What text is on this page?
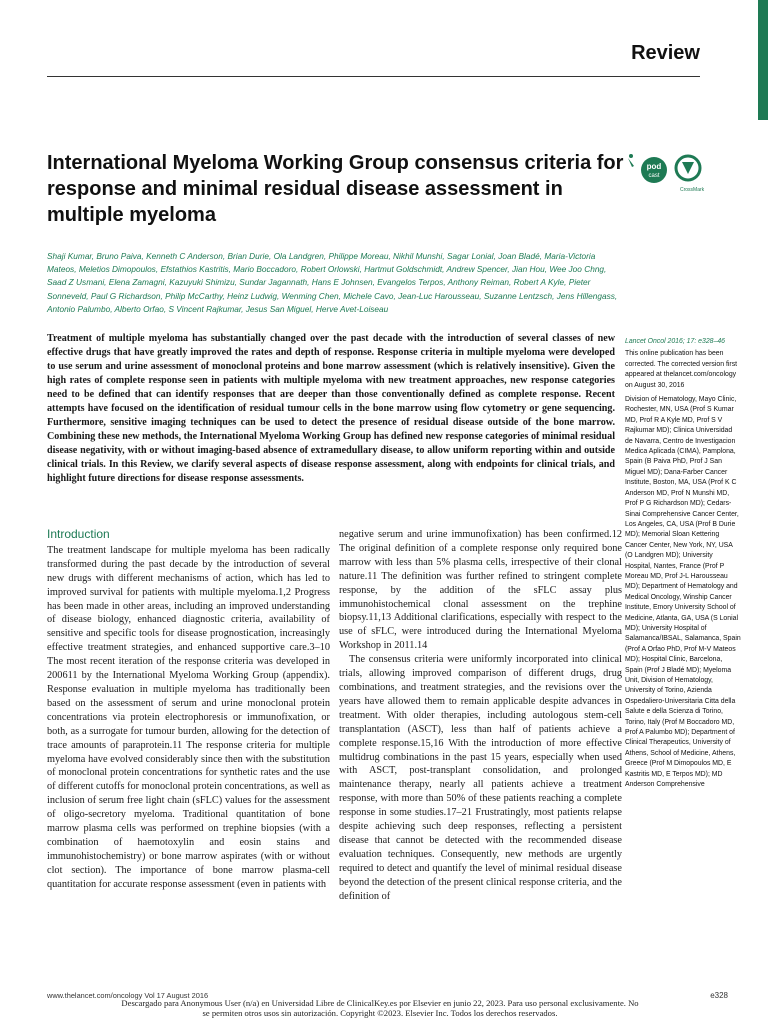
Review
International Myeloma Working Group consensus criteria for response and minimal residual disease assessment in multiple myeloma
pod
cast
CrossMark

Shaji Kumar, Bruno Paiva, Kenneth C Anderson, Brian Durie, Ola Landgren, Philippe Moreau, Nikhil Munshi, Sagar Lonial, Joan Bladé, Maria-Victoria Mateos, Meletios Dimopoulos, Efstathios Kastritis, Mario Boccadoro, Robert Orlowski, Hartmut Goldschmidt, Andrew Spencer, Jian Hou, Wee Joo Chng, Saad Z Usmani, Elena Zamagni, Kazuyuki Shimizu, Sundar Jagannath, Hans E Johnsen, Evangelos Terpos, Anthony Reiman, Robert A Kyle, Pieter Sonneveld, Paul G Richardson, Philip McCarthy, Heinz Ludwig, Wenming Chen, Michele Cavo, Jean-Luc Harousseau, Suzanne Lentzsch, Jens Hillengass, Antonio Palumbo, Alberto Orfao, S Vincent Rajkumar, Jesus San Miguel, Herve Avet-Loiseau

Treatment of multiple myeloma has substantially changed over the past decade with the introduction of several classes of new effective drugs that have greatly improved the rates and depth of response. Response criteria in multiple myeloma were developed to use serum and urine assessment of monoclonal proteins and bone marrow assessment (which is relatively insensitive). Given the high rates of complete response seen in patients with multiple myeloma with new treatment approaches, new response categories need to be defined that can identify responses that are deeper than those conventionally defined as complete response. Recent attempts have focused on the identification of residual tumour cells in the bone marrow using flow cytometry or gene sequencing. Furthermore, sensitive imaging techniques can be used to detect the presence of residual disease outside of the bone marrow. Combining these new methods, the International Myeloma Working Group has defined new response categories of minimal residual disease negativity, with or without imaging-based absence of extramedullary disease, to allow uniform reporting within and outside clinical trials. In this Review, we clarify several aspects of disease response assessment, along with endpoints for clinical trials, and highlight future directions for disease response assessments.

Introduction

The treatment landscape for multiple myeloma has been radically transformed during the past decade by the introduction of several new drugs with different mechanisms of action, which has led to improved survival for patients with multiple myeloma.1,2 Progress has been made in other areas, including an improved understanding of disease biology, enhanced diagnostic criteria, availability of sensitive and specific tools for disease prognostication, increasingly effective treatment strategies, and enhanced supportive care.3–10 The most recent iteration of the response criteria was developed in 200611 by the International Myeloma Working Group (appendix). Response evaluation in multiple myeloma has traditionally been based on the assessment of serum and urine monoclonal protein concentrations via protein electrophoresis or immunofixation, or both, as a surrogate for tumour burden, allowing for the detection of trace amounts of paraprotein.11 The response criteria for multiple myeloma have evolved considerably since then with the substitution of monoclonal protein concentrations for synthetic rates and the use of different cutoffs for monoclonal protein concentrations, as well as inclusion of serum free light chain (sFLC) values for the assessment of oligo-secretory myeloma. Traditional quantitation of bone marrow plasma cells was performed on trephine biopsies (with a combination of haemotoxylin and eosin stains and immunohistochemistry) or bone marrow aspirates (with or without clot section). The importance of bone marrow plasma-cell quantitation for accurate response assessment (even in patients with

negative serum and urine immunofixation) has been confirmed.12 The original definition of a complete response only required bone marrow with less than 5% plasma cells, irrespective of their clonal nature.11 The definition was further refined to stringent complete response, by the addition of the sFLC assay plus immunohistochemical clonal assessment on the trephine biopsy.11,13 Additional clarifications, especially with respect to the use of sFLC, were introduced during the International Myeloma Workshop in 2011.14

The consensus criteria were uniformly incorporated into clinical trials, allowing improved comparison of different drugs, drug combinations, and treatment strategies, and the revisions over the years have allowed them to remain applicable despite advances in treatment. With older therapies, including autologous stem-cell transplantation (ASCT), less than half of patients achieve a complete response.15,16 With the introduction of more effective multidrug combinations in the past 15 years, especially when used with ASCT, post-transplant consolidation, and prolonged maintenance therapy, nearly all patients achieve a treatment response, with more than 50% of these patients reaching a complete response in some studies.17–21 Frustratingly, most patients relapse despite achieving such deep responses, reflecting a persistent disease that cannot be detected with the recommended disease evaluation techniques. Consequently, new methods are urgently required to detect and quantify the level of minimal residual disease beyond the detection of the present clinical response criteria, and the definition of

Lancet Oncol 2016; 17: e328–46

This online publication has been corrected. The corrected version first appeared at thelancet.com/oncology on August 30, 2016

Division of Hematology, Mayo Clinic, Rochester, MN, USA (Prof S Kumar MD, Prof R A Kyle MD, Prof S V Rajkumar MD); Clinica Universidad de Navarra, Centro de Investigacion Medica Aplicada (CIMA), Pamplona, Spain (B Paiva PhD, Prof J San Miguel MD); Dana-Farber Cancer Institute, Boston, MA, USA (Prof K C Anderson MD, Prof N Munshi MD, Prof P G Richardson MD); Cedars-Sinai Comprehensive Cancer Center, Los Angeles, CA, USA (Prof B Durie MD); Memorial Sloan Kettering Cancer Center, New York, NY, USA (O Landgren MD); University Hospital, Nantes, France (Prof P Moreau MD, Prof J-L Harousseau MD); Department of Hematology and Medical Oncology, Winship Cancer Institute, Emory University School of Medicine, Atlanta, GA, USA (S Lonial MD); University Hospital of Salamanca/IBSAL, Salamanca, Spain (Prof A Orfao PhD, Prof M-V Mateos MD); Hospital Clinic, Barcelona, Spain (Prof J Bladé MD); Myeloma Unit, Division of Hematology, University of Torino, Azienda Ospedaliero-Universitaria Citta della Salute e della Scienza di Torino, Torino, Italy (Prof M Boccadoro MD, Prof A Palumbo MD); Department of Clinical Therapeutics, University of Athens, School of Medicine, Athens, Greece (Prof M Dimopoulos MD, E Kastritis MD, E Terpos MD); MD Anderson Comprehensive

www.thelancet.com/oncology Vol 17 August 2016	e328
Descargado para Anonymous User (n/a) en Universidad Libre de ClinicalKey.es por Elsevier en junio 22, 2023. Para uso personal exclusivamente. No se permiten otros usos sin autorización. Copyright ©2023. Elsevier Inc. Todos los derechos reservados.
